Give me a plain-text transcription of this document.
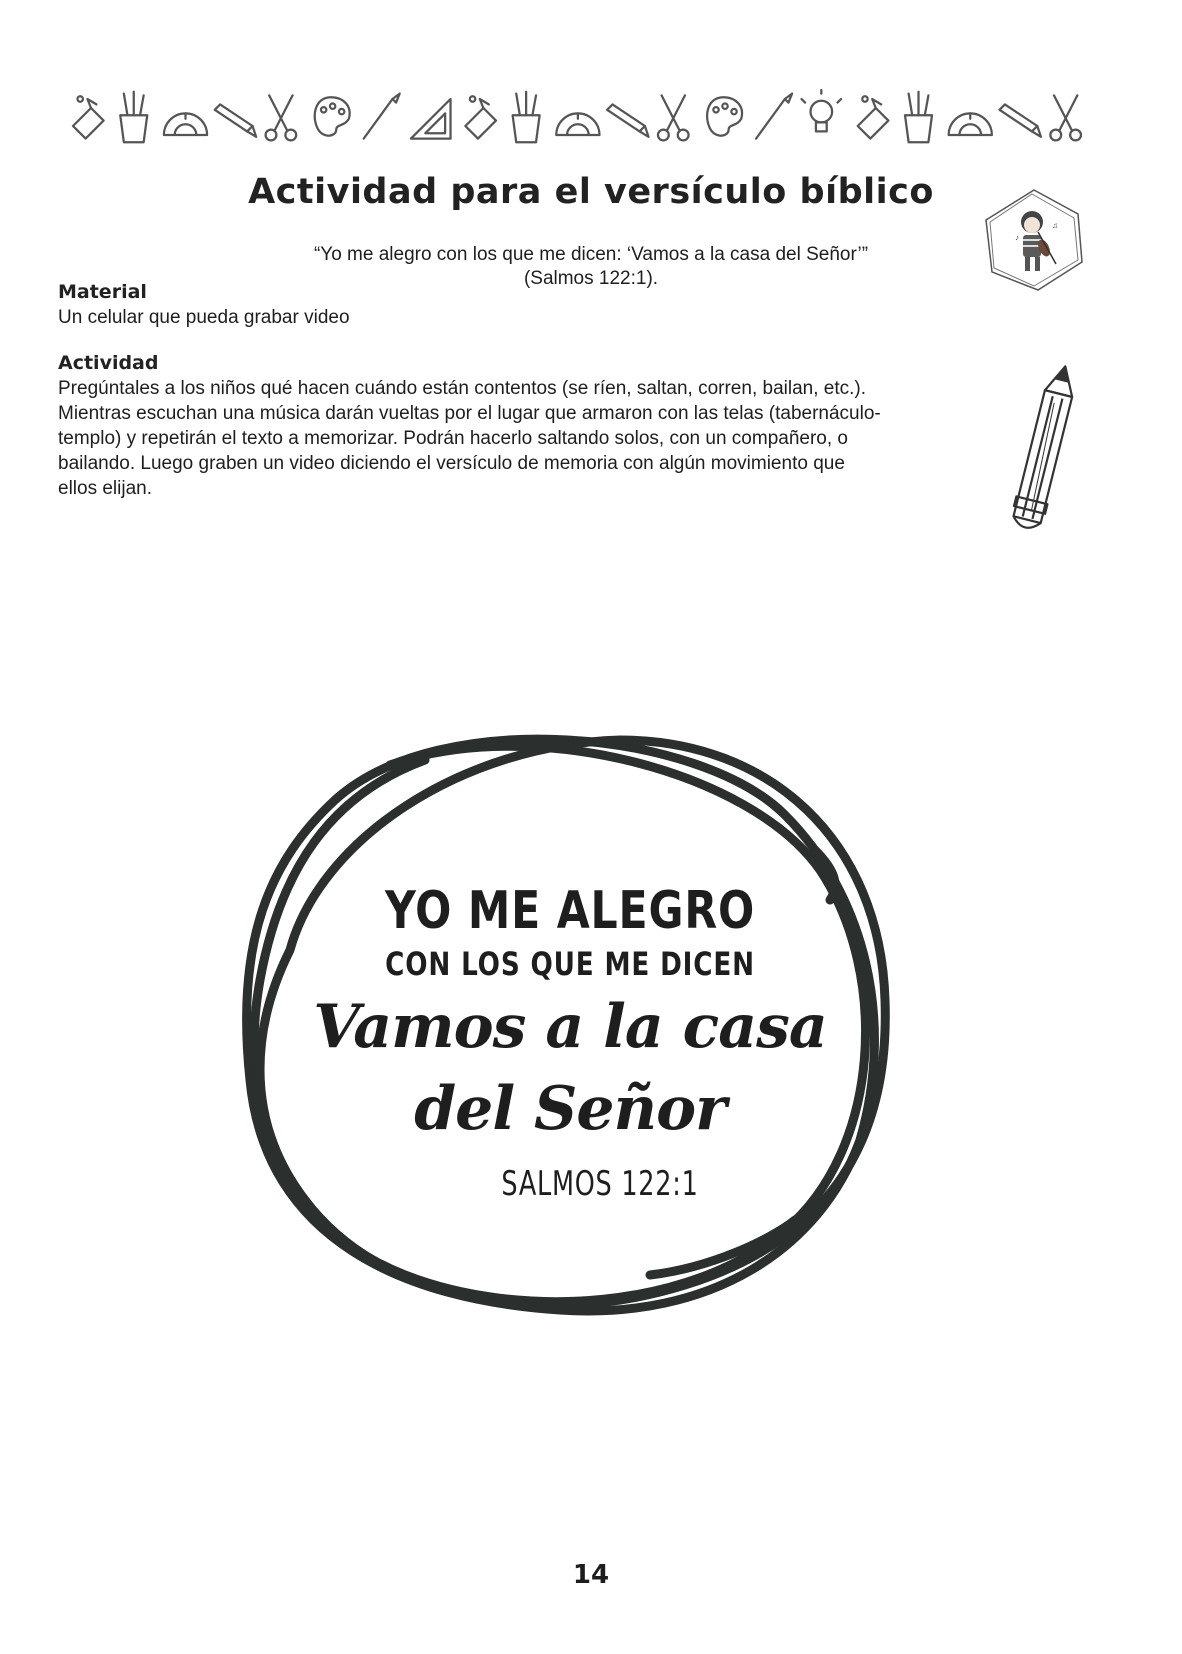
Actividad para el versículo bíblico
♪
♫
“Yo me alegro con los que me dicen: ‘Vamos a la casa del Señor’”
(Salmos 122:1).
Material
Un celular que pueda grabar video
Actividad
Pregúntales a los niños qué hacen cuándo están contentos (se ríen, saltan, corren, bailan, etc.).
Mientras escuchan una música darán vueltas por el lugar que armaron con las telas (tabernáculo-
templo) y repetirán el texto a memorizar. Podrán hacerlo saltando solos, con un compañero, o
bailando. Luego graben un video diciendo el versículo de memoria con algún movimiento que
ellos elijan.
YO ME ALEGRO
CON LOS QUE ME DICEN
Vamos a la casa
del Señor
SALMOS 122:1
14
